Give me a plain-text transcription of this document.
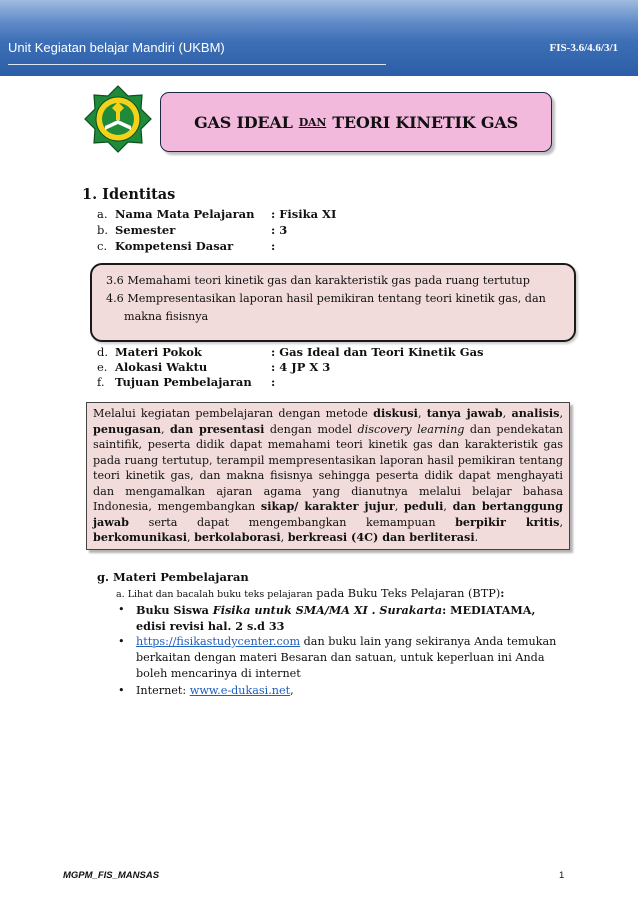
Unit Kegiatan belajar Mandiri (UKBM)	FIS-3.6/4.6/3/1
GAS IDEAL DAN TEORI KINETIK GAS
1. Identitas
a. Nama Mata Pelajaran : Fisika XI
b. Semester	: 3
c. Kompetensi Dasar	:
3.6 Memahami teori kinetik gas dan karakteristik gas pada ruang tertutup
4.6 Mempresentasikan laporan hasil pemikiran tentang teori kinetik gas, dan
makna fisisnya
d. Materi Pokok	: Gas Ideal dan Teori Kinetik Gas
e. Alokasi Waktu	: 4 JP X 3
f. Tujuan Pembelajaran :
Melalui kegiatan pembelajaran dengan metode diskusi, tanya jawab, analisis, penugasan, dan presentasi dengan model discovery learning dan pendekatan saintifik, peserta didik dapat memahami teori kinetik gas dan karakteristik gas pada ruang tertutup, terampil mempresentasikan laporan hasil pemikiran tentang teori kinetik gas, dan makna fisisnya sehingga peserta didik dapat menghayati dan mengamalkan ajaran agama yang dianutnya melalui belajar bahasa Indonesia, mengembangkan sikap/ karakter jujur, peduli, dan bertanggung jawab serta dapat mengembangkan kemampuan berpikir kritis, berkomunikasi, berkolaborasi, berkreasi (4C) dan berliterasi.
g. Materi Pembelajaran
a. Lihat dan bacalah buku teks pelajaran pada Buku Teks Pelajaran (BTP):
• Buku Siswa Fisika untuk SMA/MA XI . Surakarta: MEDIATAMA, edisi revisi hal. 2 s.d 33
• https://fisikastudycenter.com dan buku lain yang sekiranya Anda temukan berkaitan dengan materi Besaran dan satuan, untuk keperluan ini Anda boleh mencarinya di internet
• Internet: www.e-dukasi.net,
MGPM_FIS_MANSAS	1
